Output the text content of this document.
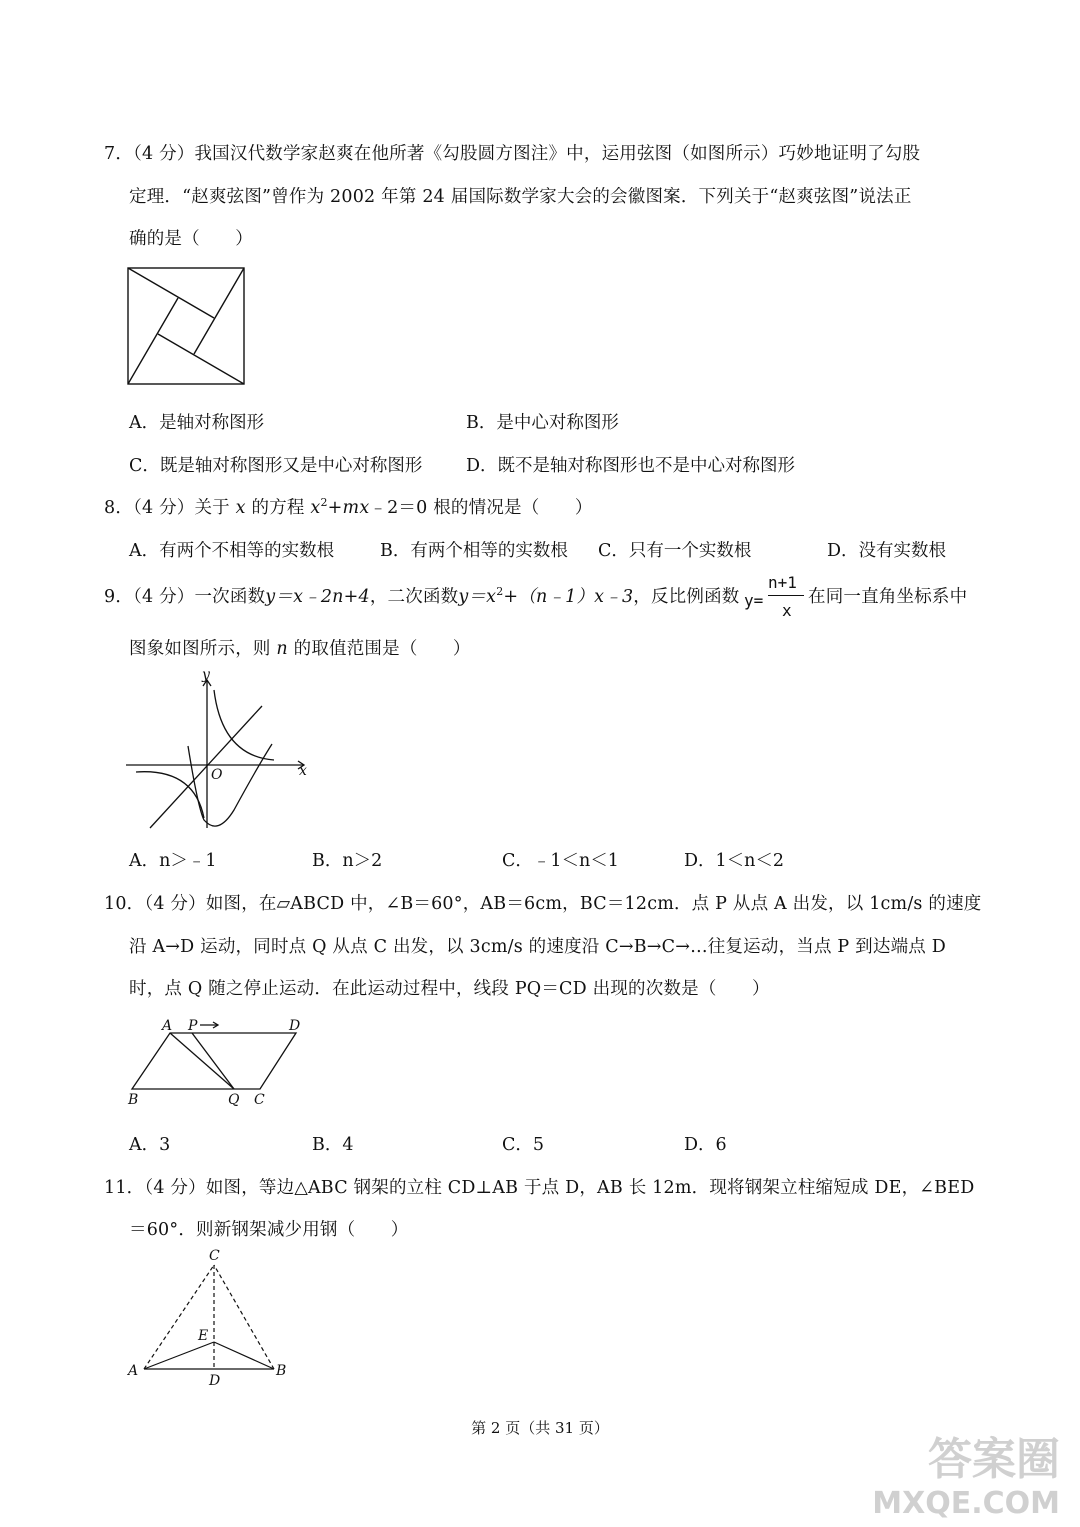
7．（4 分）我国汉代数学家赵爽在他所著《勾股圆方图注》中，运用弦图（如图所示）巧妙地证明了勾股
定理．“赵爽弦图”曾作为 2002 年第 24 届国际数学家大会的会徽图案．下列关于“赵爽弦图”说法正
确的是（　　）
A．是轴对称图形	B．是中心对称图形
C．既是轴对称图形又是中心对称图形 D．既不是轴对称图形也不是中心对称图形
8．（4 分）关于 x 的方程 $x^2+mx﹣2=0$ 根的情况是（　　）
A．有两个不相等的实数根	B．有两个相等的实数根 C．只有一个实数根	D．没有实数根
9．（4 分）一次函数y＝x﹣2n+4，二次函数$y=x^2+(n﹣1)x﹣3$，反比例函数 y=
n+1
x
在同一直角坐标系中
图象如图所示，则 n 的取值范围是（　　）
y
x
O
A．n＞﹣1	B．n＞2	C．﹣1＜n＜1	D．1＜n＜2
10．（4 分）如图，在▱ABCD 中，∠B＝60°，AB＝6cm，BC＝12cm．点 P 从点 A 出发，以 1cm/s 的速度
沿 A→D 运动，同时点 Q 从点 C 出发，以 3cm/s 的速度沿 C→B→C→…往复运动，当点 P 到达端点 D
时，点 Q 随之停止运动．在此运动过程中，线段 PQ＝CD 出现的次数是（　　）
A P	D
B	Q C
A．3	B．4	C．5	D．6
11．（4 分）如图，等边△ABC 钢架的立柱 CD⊥AB 于点 D，AB 长 12m．现将钢架立柱缩短成 DE，∠BED
＝60°．则新钢架减少用钢（　　）
C
E
A
D
B
第 2 页（共 31 页）
答案圈
MXQE.COM
